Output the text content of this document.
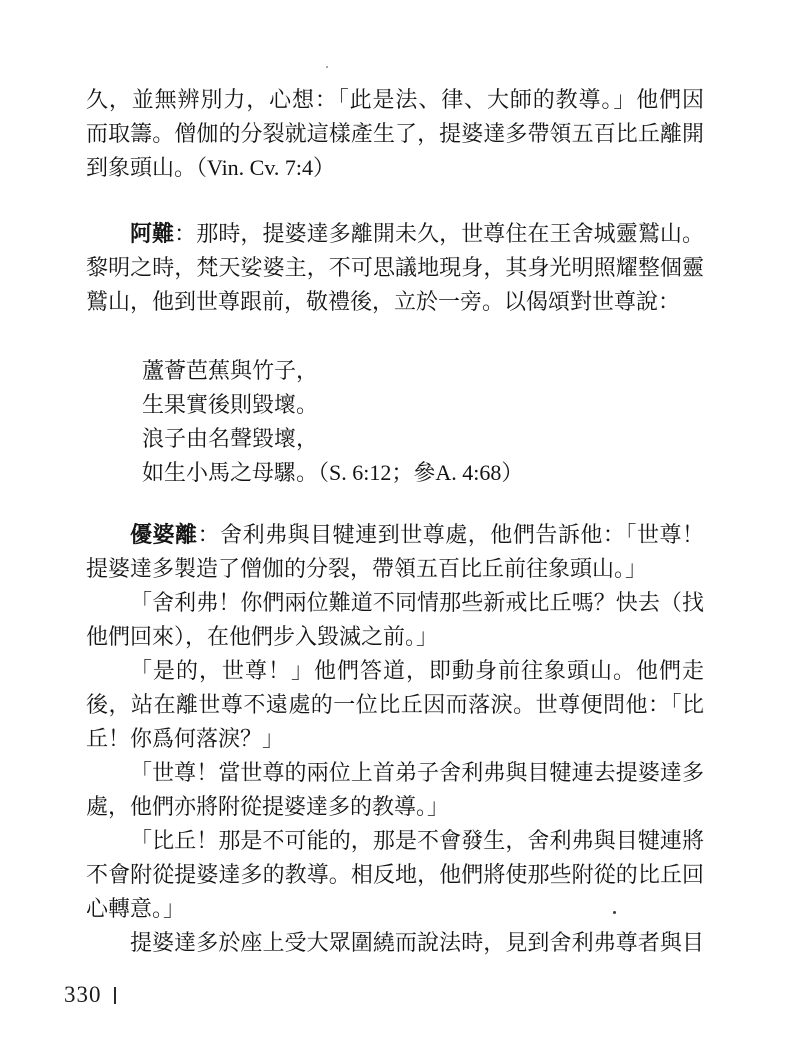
久，並無辨別力，心想：「此是法、律、大師的教導。」他們因
而取籌。僧伽的分裂就這樣產生了，提婆達多帶領五百比丘離開
到象頭山。（Vin. Cv. 7:4）
阿難：那時，提婆達多離開未久，世尊住在王舍城靈鷲山。
黎明之時，梵天娑婆主，不可思議地現身，其身光明照耀整個靈
鷲山，他到世尊跟前，敬禮後，立於一旁。以偈頌對世尊說：
蘆薈芭蕉與竹子，
生果實後則毀壞。
浪子由名聲毀壞，
如生小馬之母騾。（S. 6:12；參A. 4:68）
優婆離：舍利弗與目犍連到世尊處，他們告訴他：「世尊！
提婆達多製造了僧伽的分裂，帶領五百比丘前往象頭山。」
「舍利弗！你們兩位難道不同情那些新戒比丘嗎？快去（找
他們回來），在他們步入毀滅之前。」
「是的，世尊！」他們答道，即動身前往象頭山。他們走
後，站在離世尊不遠處的一位比丘因而落淚。世尊便問他：「比
丘！你爲何落淚？」
「世尊！當世尊的兩位上首弟子舍利弗與目犍連去提婆達多
處，他們亦將附從提婆達多的教導。」
「比丘！那是不可能的，那是不會發生，舍利弗與目犍連將
不會附從提婆達多的教導。相反地，他們將使那些附從的比丘回
心轉意。」
提婆達多於座上受大眾圍繞而說法時，見到舍利弗尊者與目
330
